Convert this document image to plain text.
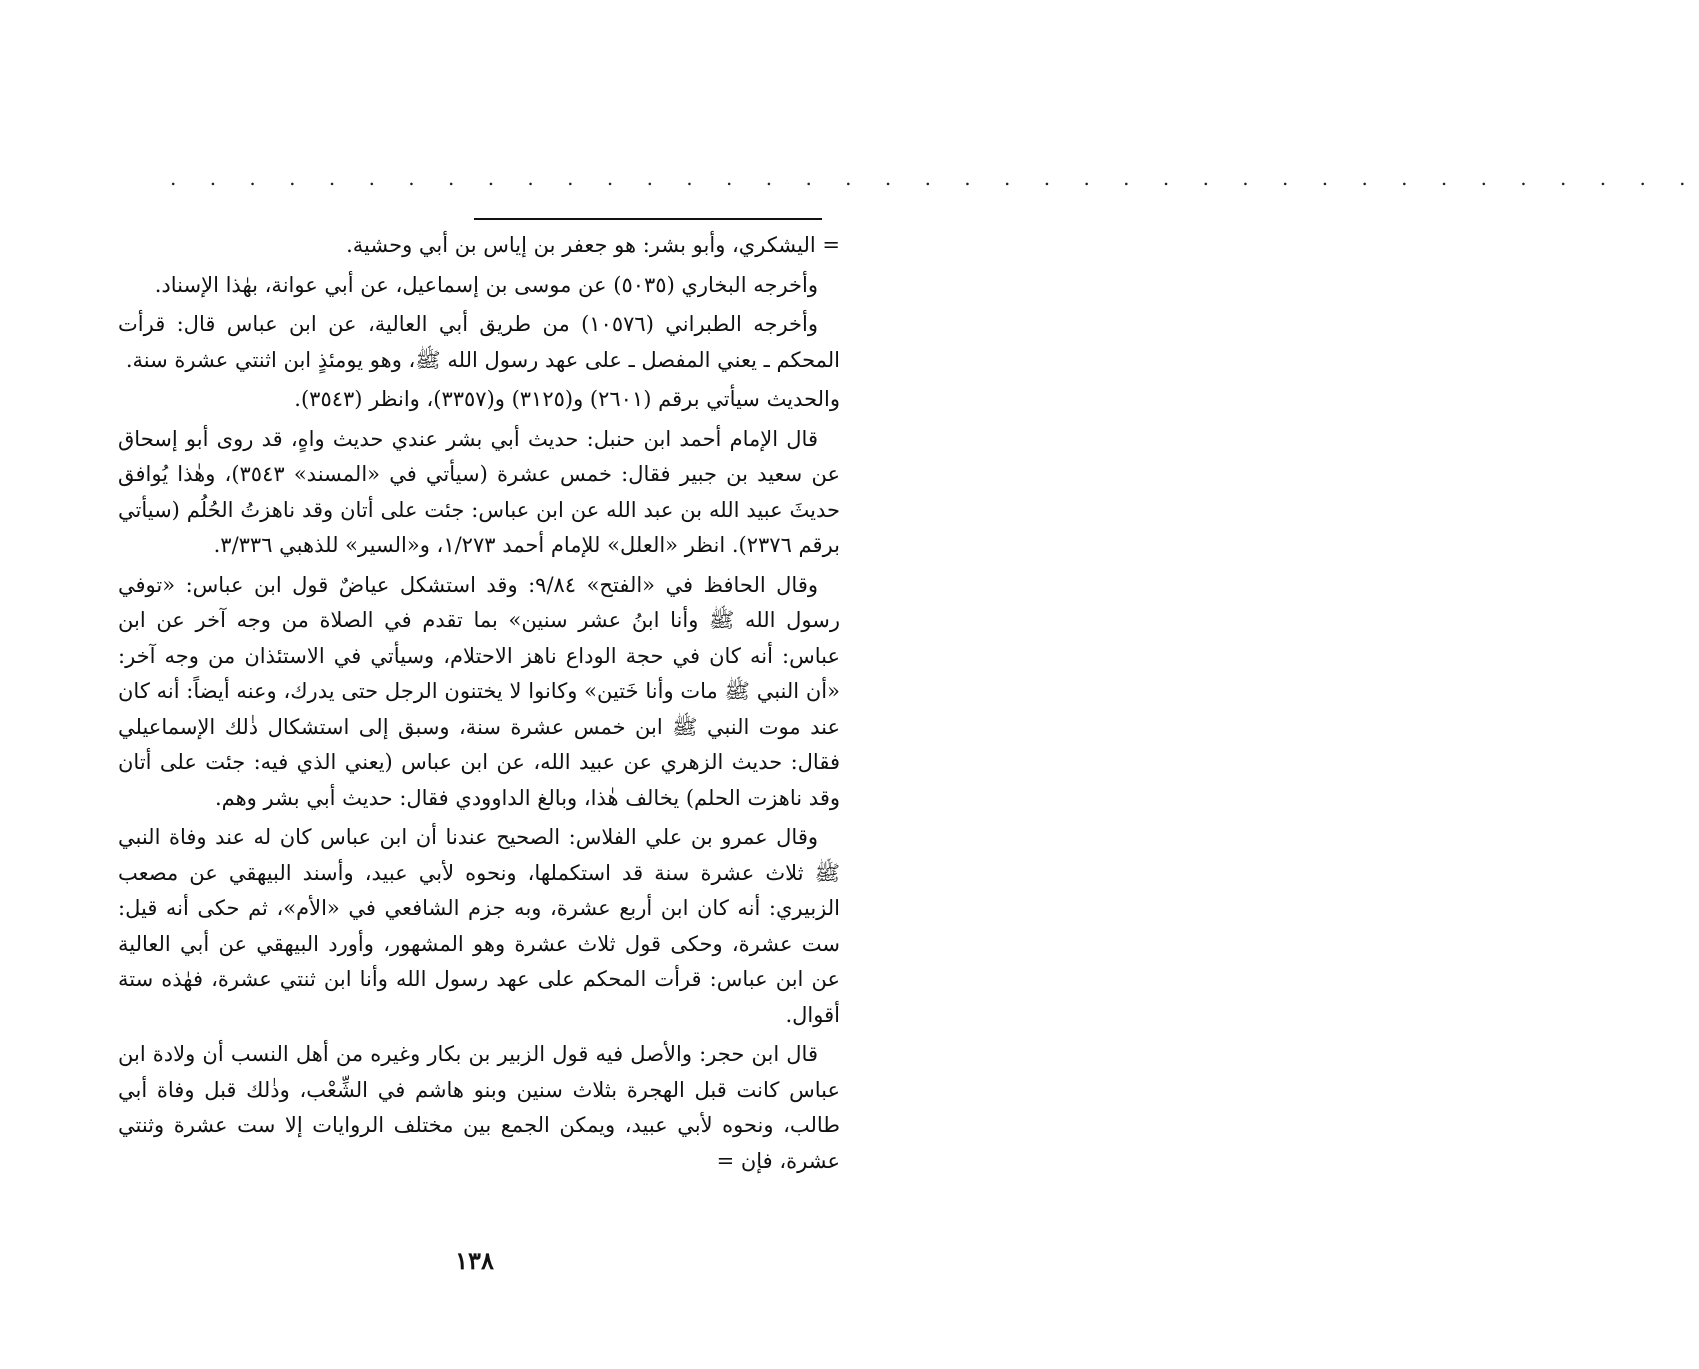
. . . . . . . . . . . . . . . . . . . . . . . . . . . . . . . . . . . . . . .

= اليشكري، وأبو بشر: هو جعفر بن إياس بن أبي وحشية.

وأخرجه البخاري (٥٠٣٥) عن موسى بن إسماعيل، عن أبي عوانة، بهٰذا الإسناد.

وأخرجه الطبراني (١٠٥٧٦) من طريق أبي العالية، عن ابن عباس قال: قرأت المحكم ـ يعني المفصل ـ على عهد رسول الله ﷺ، وهو يومئذٍ ابن اثنتي عشرة سنة.

والحديث سيأتي برقم (٢٦٠١) و(٣١٢٥) و(٣٣٥٧)، وانظر (٣٥٤٣).

قال الإمام أحمد ابن حنبل: حديث أبي بشر عندي حديث واهٍ، قد روى أبو إسحاق عن سعيد بن جبير فقال: خمس عشرة (سيأتي في «المسند» ٣٥٤٣)، وهٰذا يُوافق حديثَ عبيد الله بن عبد الله عن ابن عباس: جئت على أتان وقد ناهزتُ الحُلُم (سيأتي برقم ٢٣٧٦). انظر «العلل» للإمام أحمد ١/٢٧٣، و«السير» للذهبي ٣/٣٣٦.

وقال الحافظ في «الفتح» ٩/٨٤: وقد استشكل عياضٌ قول ابن عباس: «توفي رسول الله ﷺ وأنا ابنُ عشر سنين» بما تقدم في الصلاة من وجه آخر عن ابن عباس: أنه كان في حجة الوداع ناهز الاحتلام، وسيأتي في الاستئذان من وجه آخر: «أن النبي ﷺ مات وأنا خَتين» وكانوا لا يختنون الرجل حتى يدرك، وعنه أيضاً: أنه كان عند موت النبي ﷺ ابن خمس عشرة سنة، وسبق إلى استشكال ذٰلك الإسماعيلي فقال: حديث الزهري عن عبيد الله، عن ابن عباس (يعني الذي فيه: جئت على أتان وقد ناهزت الحلم) يخالف هٰذا، وبالغ الداوودي فقال: حديث أبي بشر وهم.

وقال عمرو بن علي الفلاس: الصحيح عندنا أن ابن عباس كان له عند وفاة النبي ﷺ ثلاث عشرة سنة قد استكملها، ونحوه لأبي عبيد، وأسند البيهقي عن مصعب الزبيري: أنه كان ابن أربع عشرة، وبه جزم الشافعي في «الأم»، ثم حكى أنه قيل: ست عشرة، وحكى قول ثلاث عشرة وهو المشهور، وأورد البيهقي عن أبي العالية عن ابن عباس: قرأت المحكم على عهد رسول الله وأنا ابن ثنتي عشرة، فهٰذه ستة أقوال.

قال ابن حجر: والأصل فيه قول الزبير بن بكار وغيره من أهل النسب أن ولادة ابن عباس كانت قبل الهجرة بثلاث سنين وبنو هاشم في الشِّعْب، وذٰلك قبل وفاة أبي طالب، ونحوه لأبي عبيد، ويمكن الجمع بين مختلف الروايات إلا ست عشرة وثنتي عشرة، فإن =

١٣٨
